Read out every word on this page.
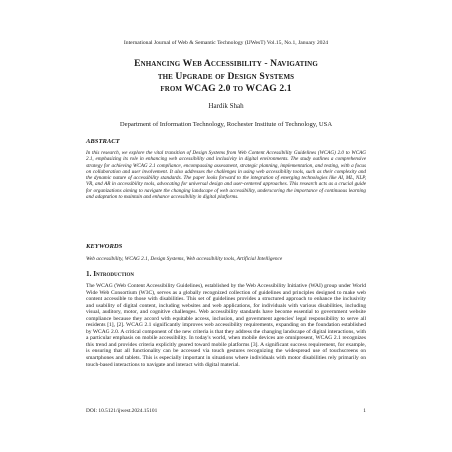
International Journal of Web & Semantic Technology (IJWesT) Vol.15, No.1, January 2024
Enhancing Web Accessibility - Navigating
the Upgrade of Design Systems
from WCAG 2.0 to WCAG 2.1
Hardik Shah
Department of Information Technology, Rochester Institute of Technology, USA
ABSTRACT
In this research, we explore the vital transition of Design Systems from Web Content Accessibility Guidelines (WCAG) 2.0 to WCAG 2.1, emphasizing its role in enhancing web accessibility and inclusivity in digital environments. The study outlines a comprehensive strategy for achieving WCAG 2.1 compliance, encompassing assessment, strategic planning, implementation, and testing, with a focus on collaboration and user involvement. It also addresses the challenges in using web accessibility tools, such as their complexity and the dynamic nature of accessibility standards. The paper looks forward to the integration of emerging technologies like AI, ML, NLP, VR, and AR in accessibility tools, advocating for universal design and user-centered approaches. This research acts as a crucial guide for organizations aiming to navigate the changing landscape of web accessibility, underscoring the importance of continuous learning and adaptation to maintain and enhance accessibility in digital platforms.
KEYWORDS
Web accessibility, WCAG 2.1, Design Systems, Web accessibility tools, Artificial Intelligence
1. Introduction
The WCAG (Web Content Accessibility Guidelines), established by the Web Accessibility Initiative (WAI) group under World Wide Web Consortium (W3C), serves as a globally recognized collection of guidelines and principles designed to make web content accessible to those with disabilities. This set of guidelines provides a structured approach to enhance the inclusivity and usability of digital content, including websites and web applications, for individuals with various disabilities, including visual, auditory, motor, and cognitive challenges. Web accessibility standards have become essential to government website compliance because they accord with equitable access, inclusion, and government agencies' legal responsibility to serve all residents [1], [2]. WCAG 2.1 significantly improves web accessibility requirements, expanding on the foundation established by WCAG 2.0. A critical component of the new criteria is that they address the changing landscape of digital interactions, with a particular emphasis on mobile accessibility. In today's world, when mobile devices are omnipresent, WCAG 2.1 recognizes this trend and provides criteria explicitly geared toward mobile platforms [3]. A significant success requirement, for example, is ensuring that all functionality can be accessed via touch gestures recognizing the widespread use of touchscreens on smartphones and tablets. This is especially important in situations where individuals with motor disabilities rely primarily on touch-based interactions to navigate and interact with digital material.
DOI: 10.5121/ijwest.2024.15101	1
